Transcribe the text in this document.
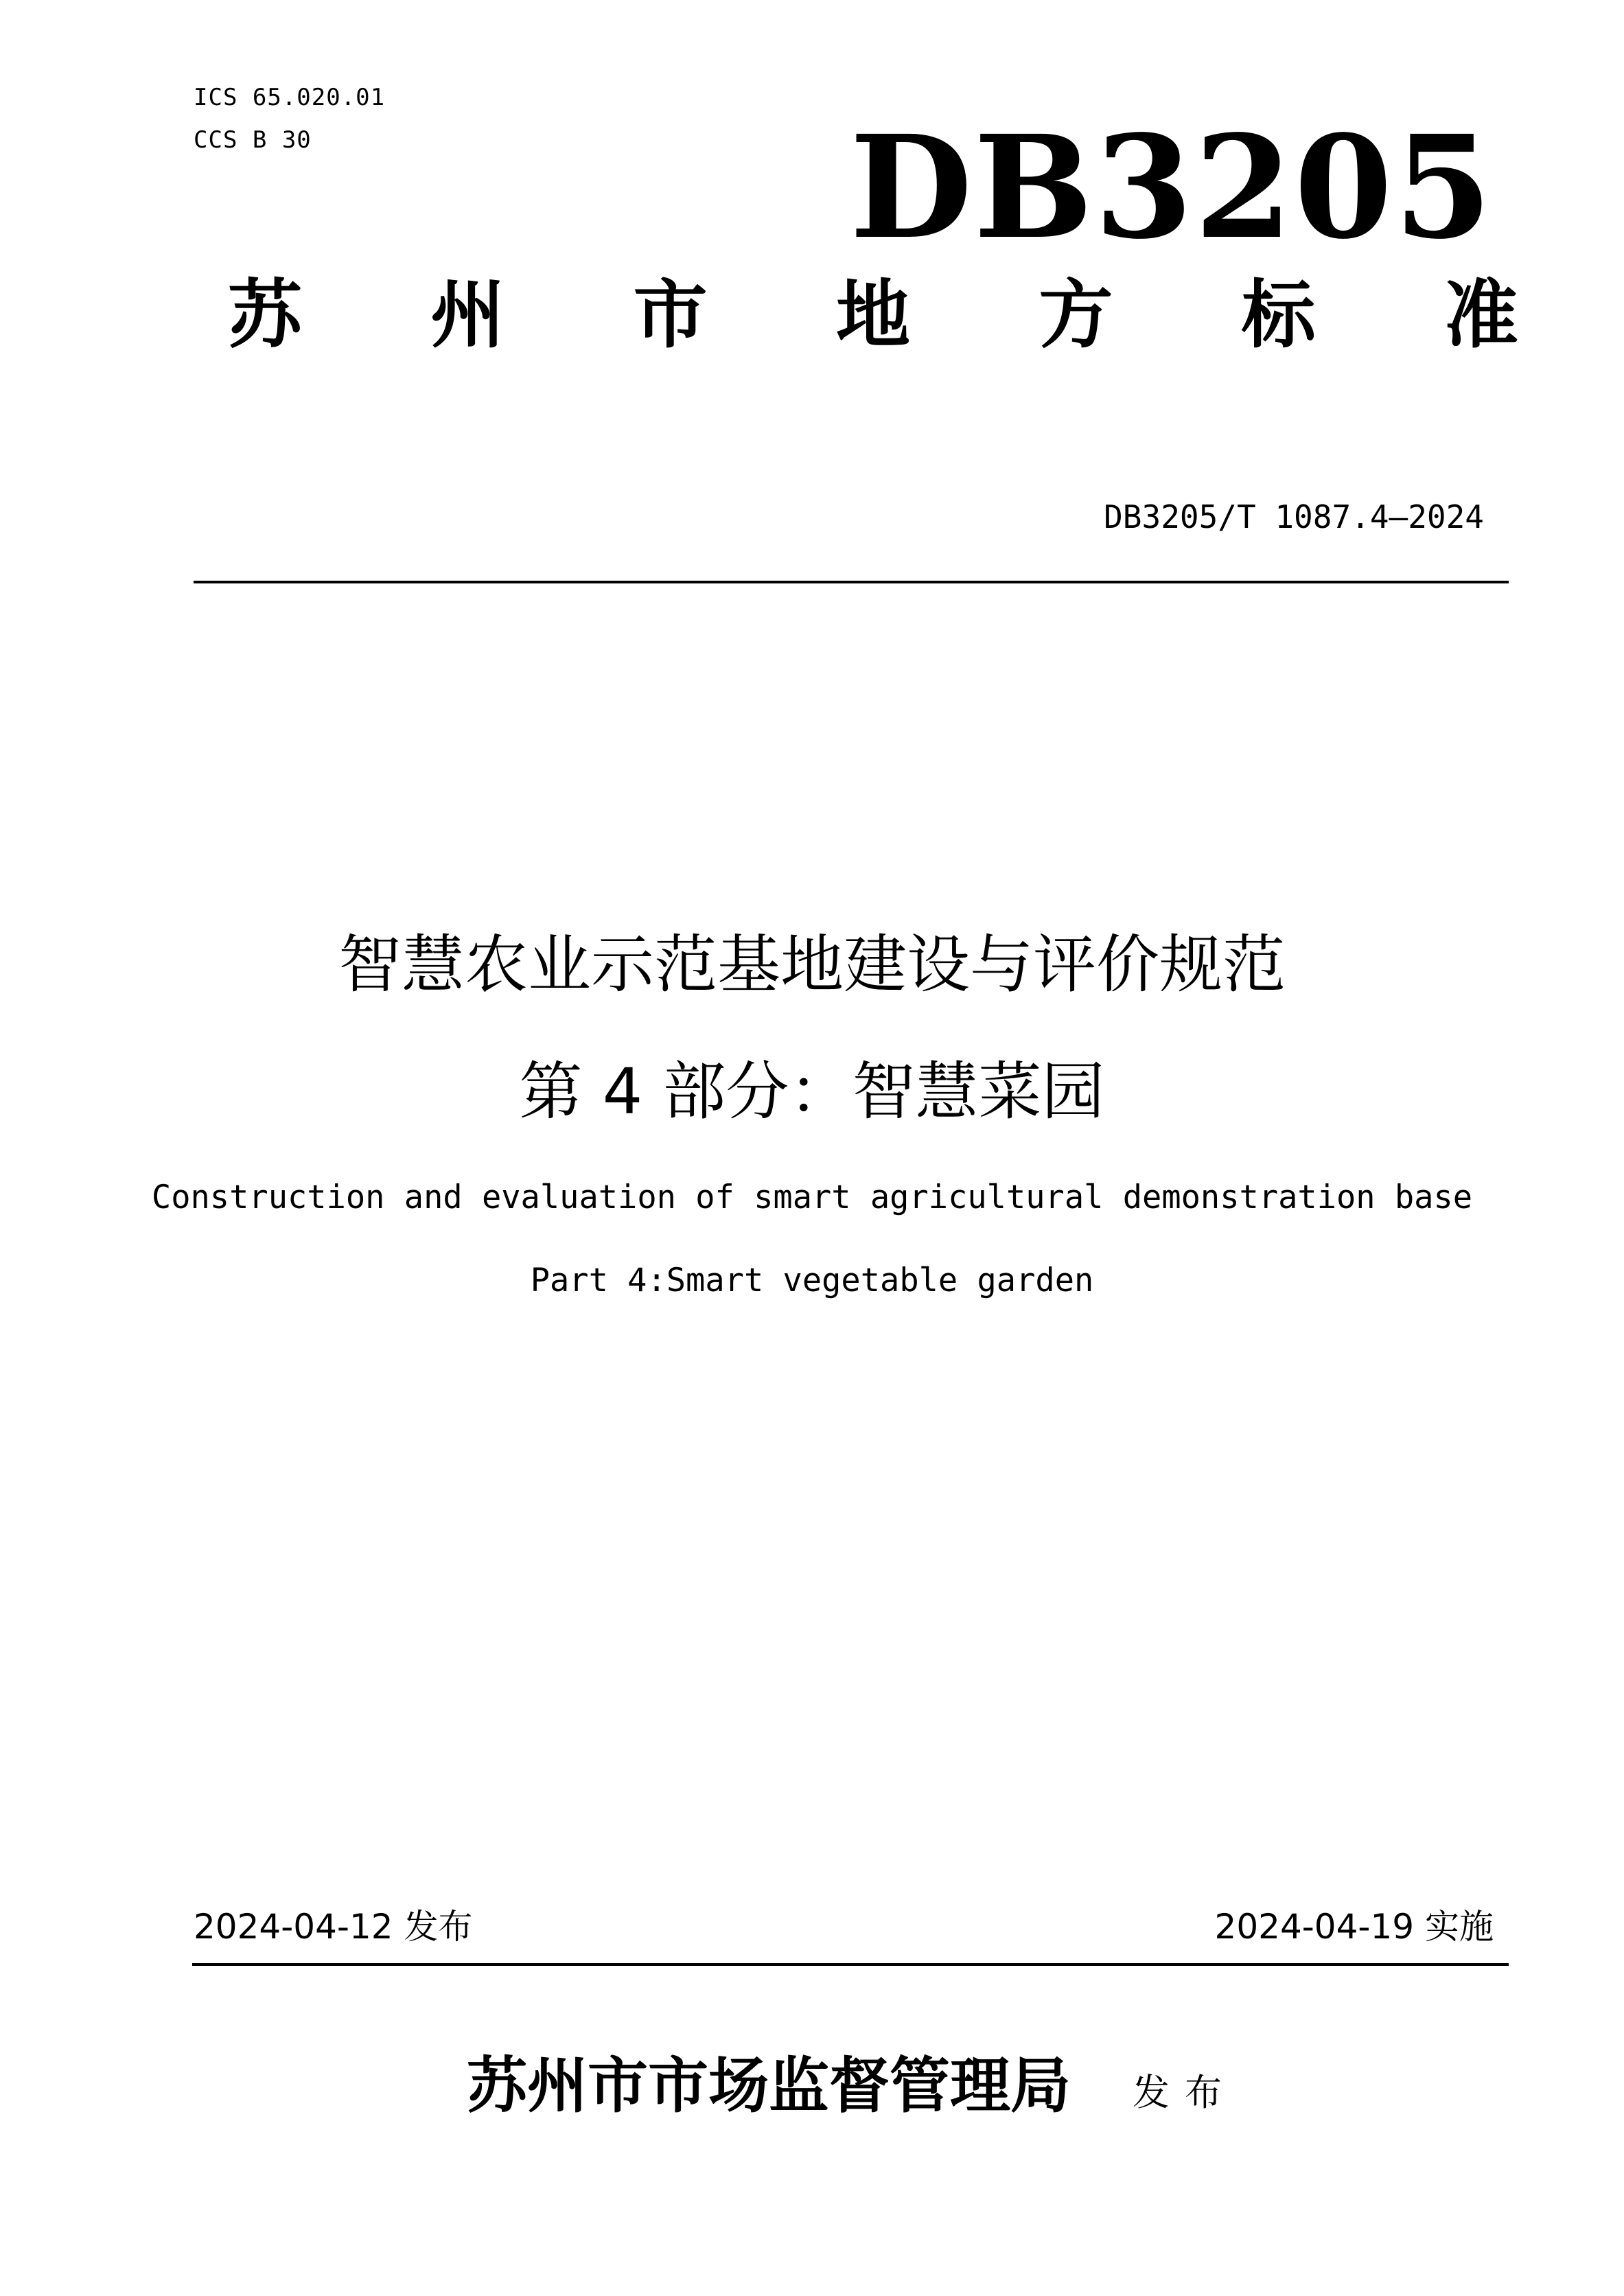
ICS 65.020.01
CCS B 30	DB3205
苏 州 市 地 方 标 准
DB3205/T 1087.4—2024
智慧农业示范基地建设与评价规范
第 4 部分：智慧菜园
Construction and evaluation of smart agricultural demonstration base
Part 4:Smart vegetable garden
2024-04-12 发布	2024-04-19 实施
苏州市市场监督管理局 发布
